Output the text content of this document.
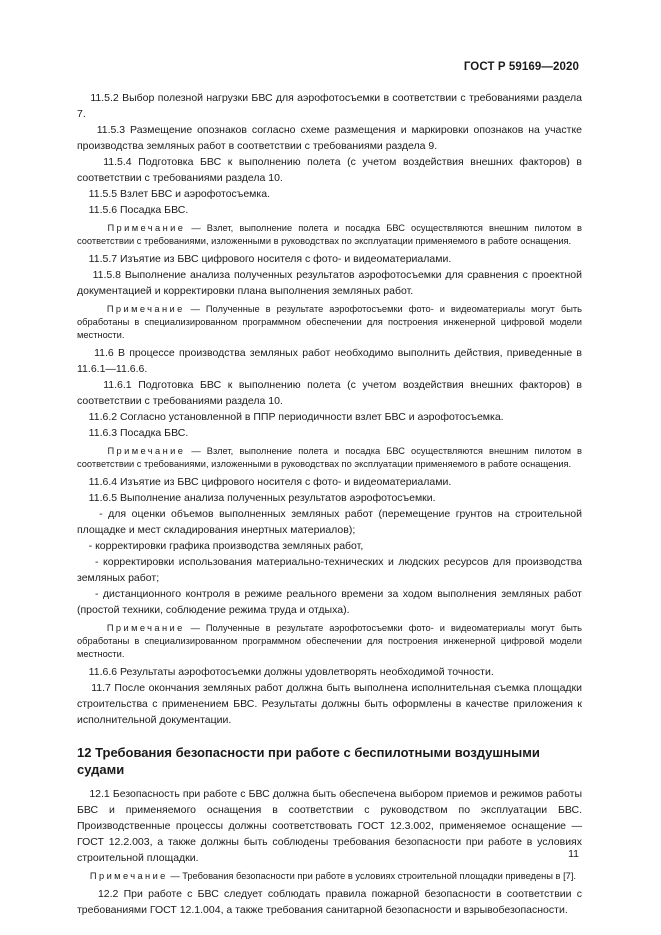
ГОСТ Р 59169—2020

11.5.2 Выбор полезной нагрузки БВС для аэрофотосъемки в соответствии с требованиями раздела 7.

11.5.3 Размещение опознаков согласно схеме размещения и маркировки опознаков на участке производства земляных работ в соответствии с требованиями раздела 9.

11.5.4 Подготовка БВС к выполнению полета (с учетом воздействия внешних факторов) в соответствии с требованиями раздела 10.

11.5.5 Взлет БВС и аэрофотосъемка.

11.5.6 Посадка БВС.

Примечание — Взлет, выполнение полета и посадка БВС осуществляются внешним пилотом в соответствии с требованиями, изложенными в руководствах по эксплуатации применяемого в работе оснащения.

11.5.7 Изъятие из БВС цифрового носителя с фото- и видеоматериалами.

11.5.8 Выполнение анализа полученных результатов аэрофотосъемки для сравнения с проектной документацией и корректировки плана выполнения земляных работ.

Примечание — Полученные в результате аэрофотосъемки фото- и видеоматериалы могут быть обработаны в специализированном программном обеспечении для построения инженерной цифровой модели местности.

11.6 В процессе производства земляных работ необходимо выполнить действия, приведенные в 11.6.1—11.6.6.

11.6.1 Подготовка БВС к выполнению полета (с учетом воздействия внешних факторов) в соответствии с требованиями раздела 10.

11.6.2 Согласно установленной в ППР периодичности взлет БВС и аэрофотосъемка.

11.6.3 Посадка БВС.

Примечание — Взлет, выполнение полета и посадка БВС осуществляются внешним пилотом в соответствии с требованиями, изложенными в руководствах по эксплуатации применяемого в работе оснащения.

11.6.4 Изъятие из БВС цифрового носителя с фото- и видеоматериалами.

11.6.5 Выполнение анализа полученных результатов аэрофотосъемки.

- для оценки объемов выполненных земляных работ (перемещение грунтов на строительной площадке и мест складирования инертных материалов);

- корректировки графика производства земляных работ,

- корректировки использования материально-технических и людских ресурсов для производства земляных работ;

- дистанционного контроля в режиме реального времени за ходом выполнения земляных работ (простой техники, соблюдение режима труда и отдыха).

Примечание — Полученные в результате аэрофотосъемки фото- и видеоматериалы могут быть обработаны в специализированном программном обеспечении для построения инженерной цифровой модели местности.

11.6.6 Результаты аэрофотосъемки должны удовлетворять необходимой точности.

11.7 После окончания земляных работ должна быть выполнена исполнительная съемка площадки строительства с применением БВС. Результаты должны быть оформлены в качестве приложения к исполнительной документации.

12 Требования безопасности при работе с беспилотными воздушными судами

12.1 Безопасность при работе с БВС должна быть обеспечена выбором приемов и режимов работы БВС и применяемого оснащения в соответствии с руководством по эксплуатации БВС. Производственные процессы должны соответствовать ГОСТ 12.3.002, применяемое оснащение — ГОСТ 12.2.003, а также должны быть соблюдены требования безопасности при работе в условиях строительной площадки.

Примечание — Требования безопасности при работе в условиях строительной площадки приведены в [7].

12.2 При работе с БВС следует соблюдать правила пожарной безопасности в соответствии с требованиями ГОСТ 12.1.004, а также требования санитарной безопасности и взрывобезопасности.

11
